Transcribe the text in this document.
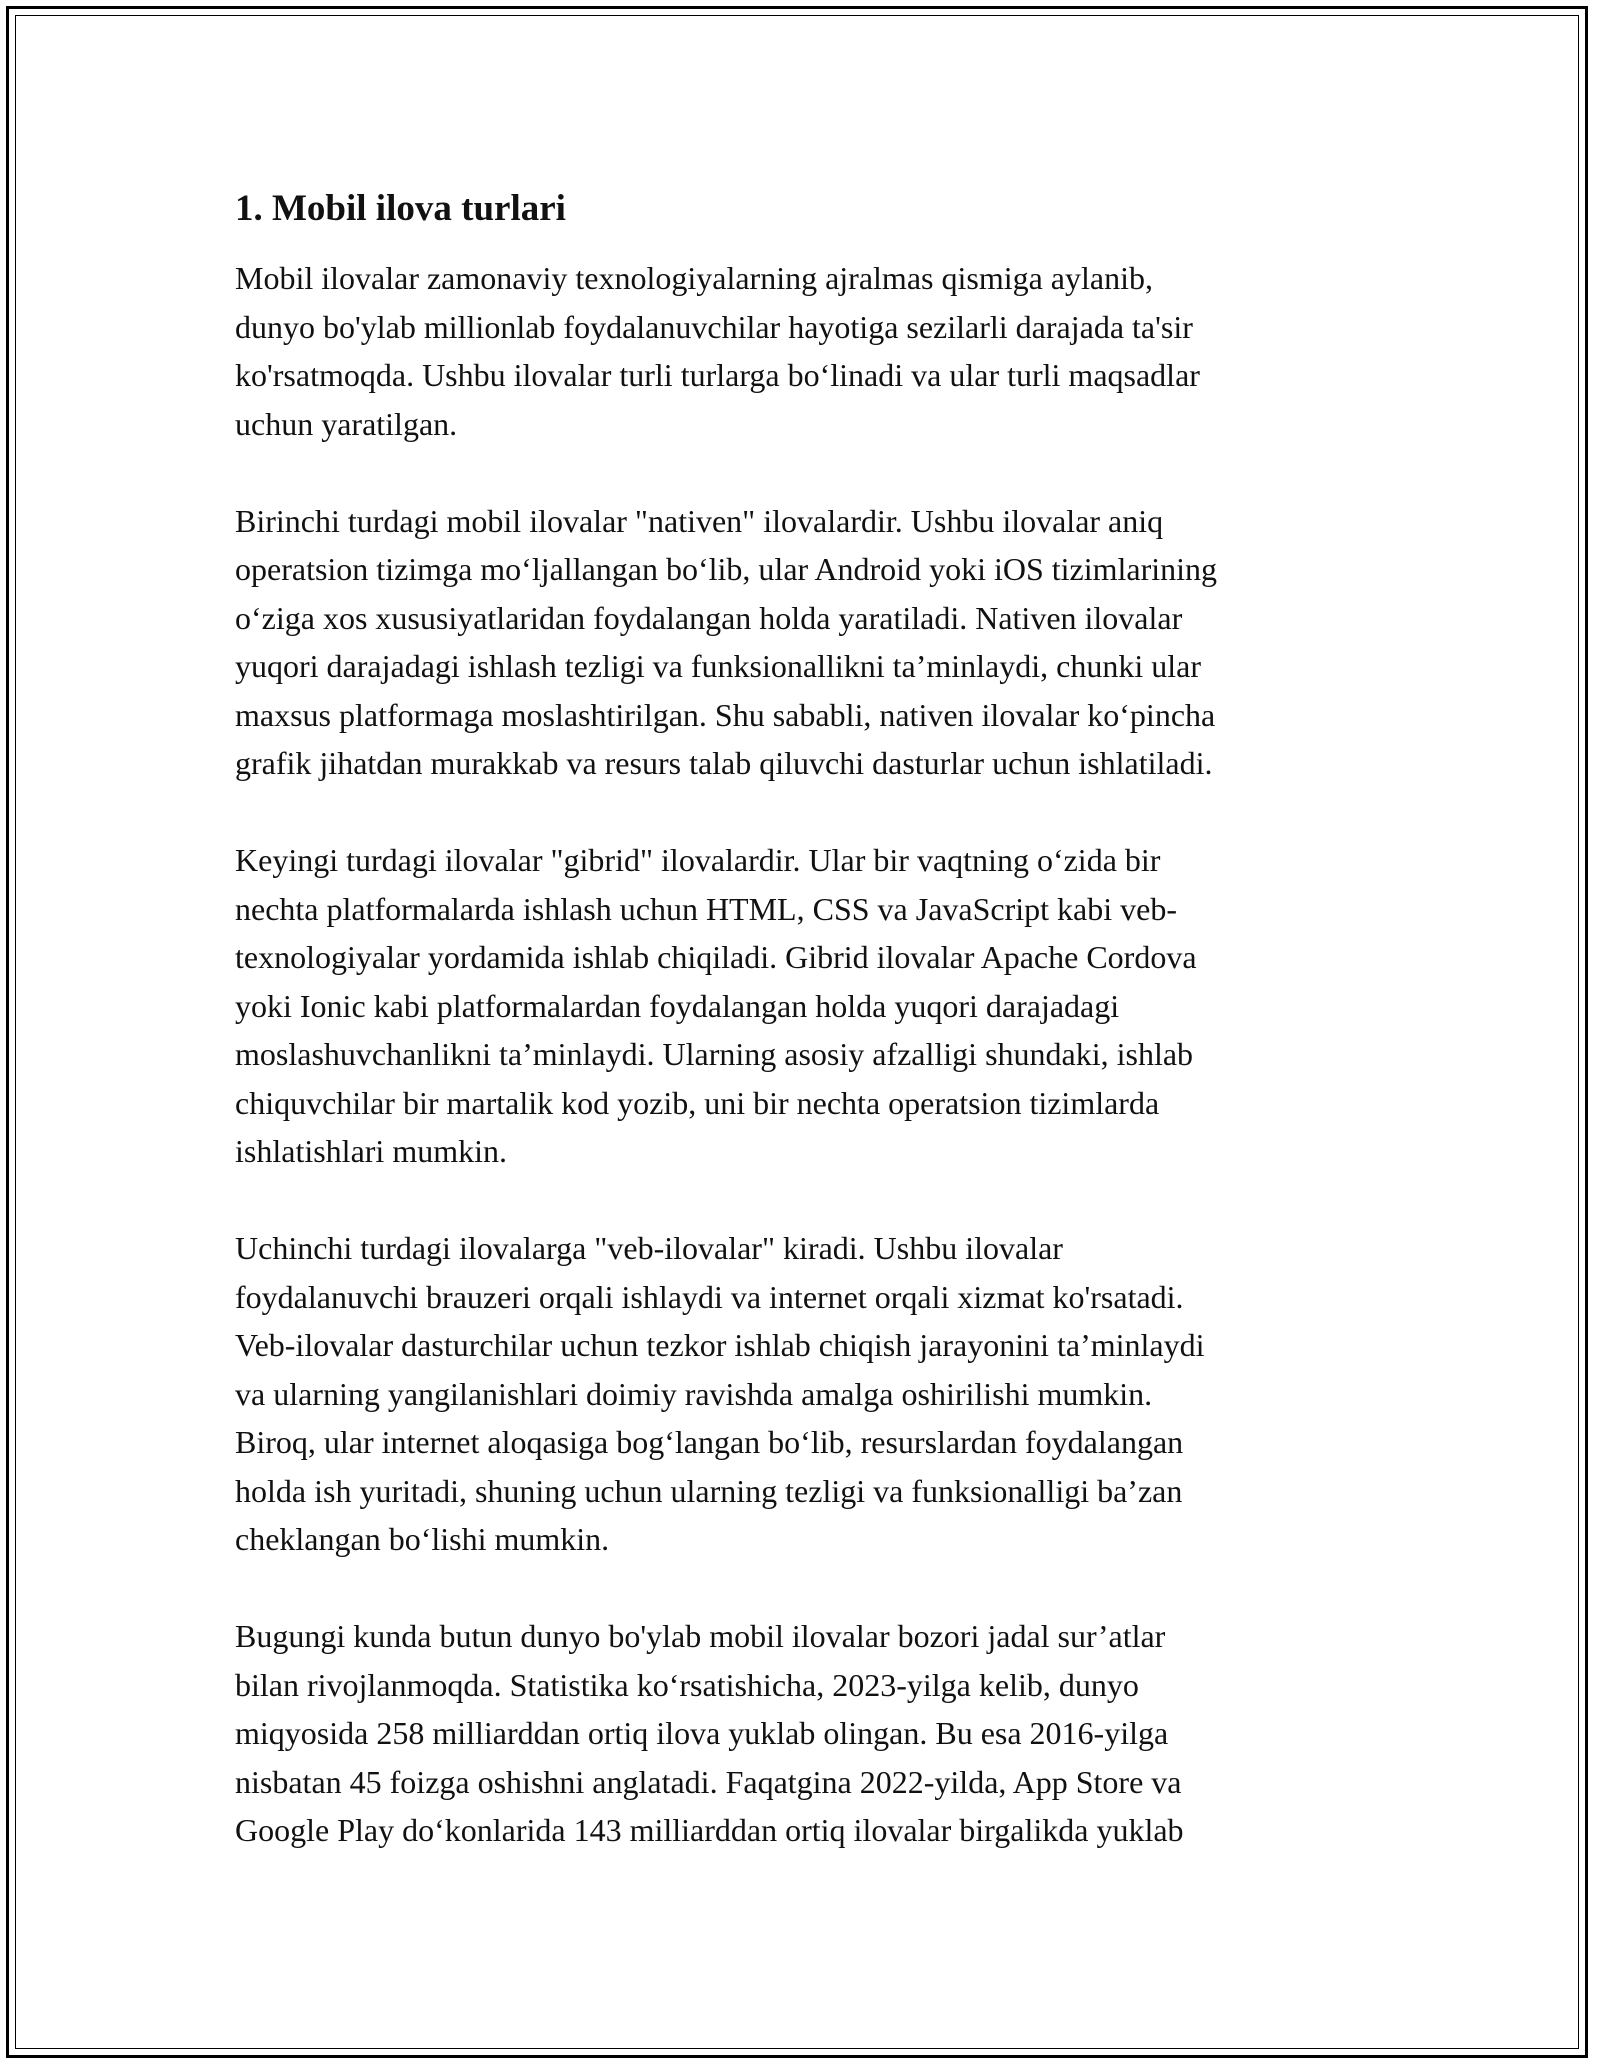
1. Mobil ilova turlari
Mobil ilovalar zamonaviy texnologiyalarning ajralmas qismiga aylanib,
dunyo bo'ylab millionlab foydalanuvchilar hayotiga sezilarli darajada ta'sir
ko'rsatmoqda. Ushbu ilovalar turli turlarga bo‘linadi va ular turli maqsadlar
uchun yaratilgan.
Birinchi turdagi mobil ilovalar "nativen" ilovalardir. Ushbu ilovalar aniq
operatsion tizimga mo‘ljallangan bo‘lib, ular Android yoki iOS tizimlarining
o‘ziga xos xususiyatlaridan foydalangan holda yaratiladi. Nativen ilovalar
yuqori darajadagi ishlash tezligi va funksionallikni ta’minlaydi, chunki ular
maxsus platformaga moslashtirilgan. Shu sababli, nativen ilovalar ko‘pincha
grafik jihatdan murakkab va resurs talab qiluvchi dasturlar uchun ishlatiladi.
Keyingi turdagi ilovalar "gibrid" ilovalardir. Ular bir vaqtning o‘zida bir
nechta platformalarda ishlash uchun HTML, CSS va JavaScript kabi veb-
texnologiyalar yordamida ishlab chiqiladi. Gibrid ilovalar Apache Cordova
yoki Ionic kabi platformalardan foydalangan holda yuqori darajadagi
moslashuvchanlikni ta’minlaydi. Ularning asosiy afzalligi shundaki, ishlab
chiquvchilar bir martalik kod yozib, uni bir nechta operatsion tizimlarda
ishlatishlari mumkin.
Uchinchi turdagi ilovalarga "veb-ilovalar" kiradi. Ushbu ilovalar
foydalanuvchi brauzeri orqali ishlaydi va internet orqali xizmat ko'rsatadi.
Veb-ilovalar dasturchilar uchun tezkor ishlab chiqish jarayonini ta’minlaydi
va ularning yangilanishlari doimiy ravishda amalga oshirilishi mumkin.
Biroq, ular internet aloqasiga bog‘langan bo‘lib, resurslardan foydalangan
holda ish yuritadi, shuning uchun ularning tezligi va funksionalligi ba’zan
cheklangan bo‘lishi mumkin.
Bugungi kunda butun dunyo bo'ylab mobil ilovalar bozori jadal sur’atlar
bilan rivojlanmoqda. Statistika ko‘rsatishicha, 2023-yilga kelib, dunyo
miqyosida 258 milliarddan ortiq ilova yuklab olingan. Bu esa 2016-yilga
nisbatan 45 foizga oshishni anglatadi. Faqatgina 2022-yilda, App Store va
Google Play do‘konlarida 143 milliarddan ortiq ilovalar birgalikda yuklab
